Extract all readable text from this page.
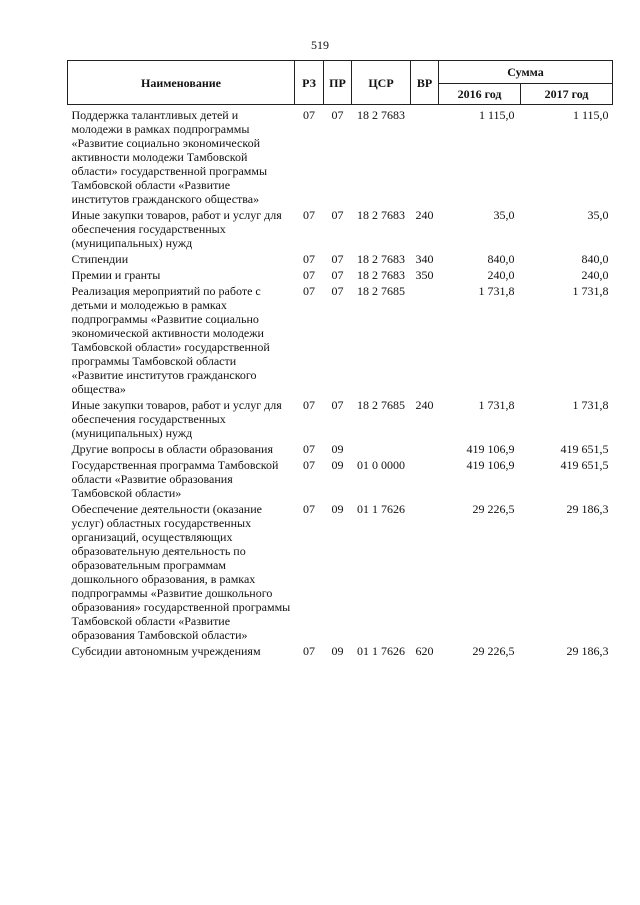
519
Наименование	РЗ	ПР	ЦСР	ВР	Сумма	
					2016 год	2017 год
Поддержка талантливых детей и молодежи в рамках подпрограммы «Развитие социально экономической активности молодежи Тамбовской области» государственной программы Тамбовской области «Развитие институтов гражданского общества»	07	07	18 2 7683		1 115,0	1 115,0
Иные закупки товаров, работ и услуг для обеспечения государственных (муниципальных) нужд	07	07	18 2 7683	240	35,0	35,0
Стипендии	07	07	18 2 7683	340	840,0	840,0
Премии и гранты	07	07	18 2 7683	350	240,0	240,0
Реализация мероприятий по работе с детьми и молодежью в рамках подпрограммы «Развитие социально экономической активности молодежи Тамбовской области» государственной программы Тамбовской области «Развитие институтов гражданского общества»	07	07	18 2 7685		1 731,8	1 731,8
Иные закупки товаров, работ и услуг для обеспечения государственных (муниципальных) нужд	07	07	18 2 7685	240	1 731,8	1 731,8
Другие вопросы в области образования	07	09			419 106,9	419 651,5
Государственная программа Тамбовской области «Развитие образования Тамбовской области»	07	09	01 0 0000		419 106,9	419 651,5
Обеспечение деятельности (оказание услуг) областных государственных организаций, осуществляющих образовательную деятельность по образовательным программам дошкольного образования, в рамках подпрограммы «Развитие дошкольного образования» государственной программы Тамбовской области «Развитие образования Тамбовской области»	07	09	01 1 7626		29 226,5	29 186,3
Субсидии автономным учреждениям	07	09	01 1 7626	620	29 226,5	29 186,3
